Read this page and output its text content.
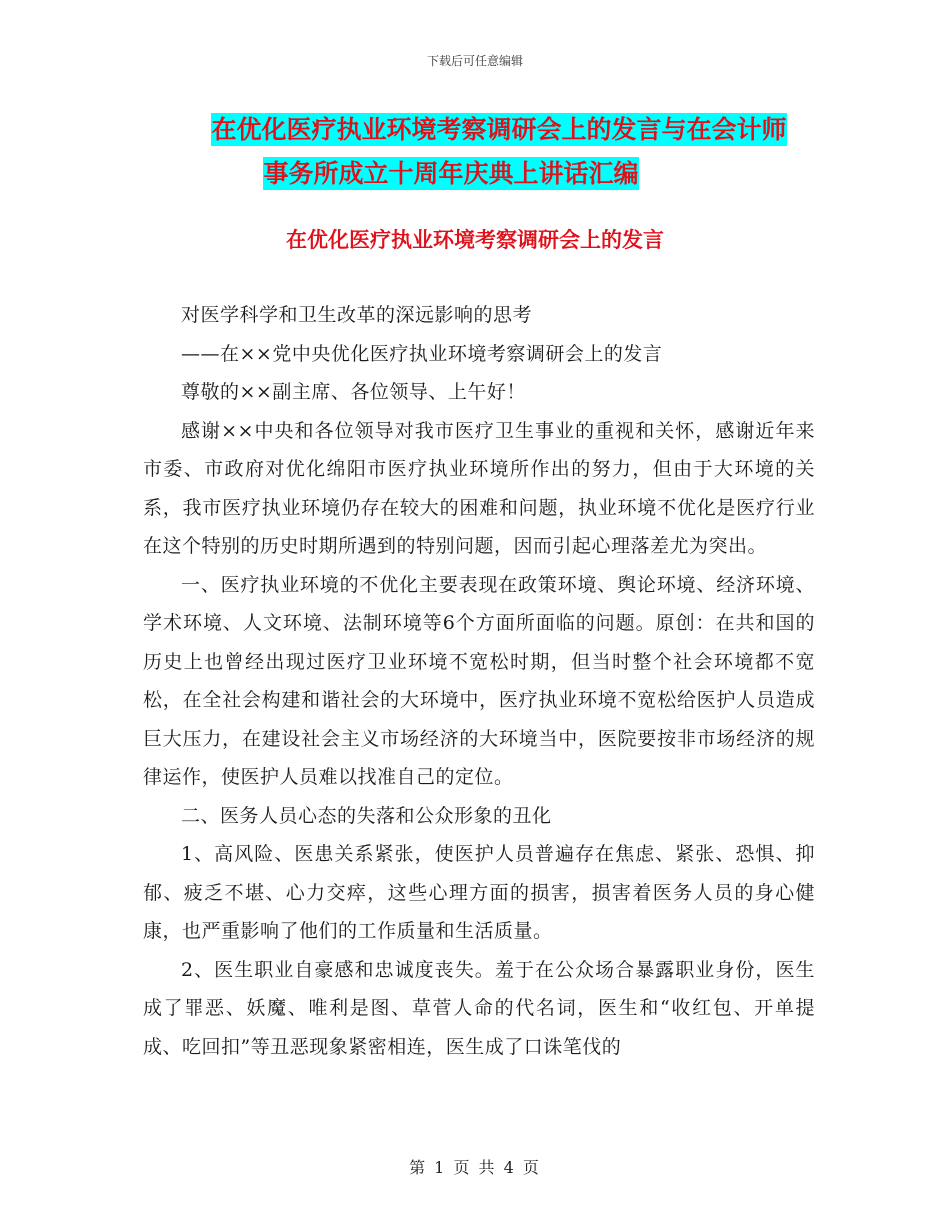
下载后可任意编辑
在优化医疗执业环境考察调研会上的发言与在会计师
事务所成立十周年庆典上讲话汇编
在优化医疗执业环境考察调研会上的发言

对医学科学和卫生改革的深远影响的思考

——在××党中央优化医疗执业环境考察调研会上的发言

尊敬的××副主席、各位领导、上午好！

感谢××中央和各位领导对我市医疗卫生事业的重视和关怀，感谢近年来市委、市政府对优化绵阳市医疗执业环境所作出的努力，但由于大环境的关系，我市医疗执业环境仍存在较大的困难和问题，执业环境不优化是医疗行业在这个特别的历史时期所遇到的特别问题，因而引起心理落差尤为突出。

一、医疗执业环境的不优化主要表现在政策环境、舆论环境、经济环境、学术环境、人文环境、法制环境等6个方面所面临的问题。原创：在共和国的历史上也曾经出现过医疗卫业环境不宽松时期，但当时整个社会环境都不宽松，在全社会构建和谐社会的大环境中，医疗执业环境不宽松给医护人员造成巨大压力，在建设社会主义市场经济的大环境当中，医院要按非市场经济的规律运作，使医护人员难以找准自己的定位。

二、医务人员心态的失落和公众形象的丑化

1、高风险、医患关系紧张，使医护人员普遍存在焦虑、紧张、恐惧、抑郁、疲乏不堪、心力交瘁，这些心理方面的损害，损害着医务人员的身心健康，也严重影响了他们的工作质量和生活质量。

2、医生职业自豪感和忠诚度丧失。羞于在公众场合暴露职业身份，医生成了罪恶、妖魔、唯利是图、草菅人命的代名词，医生和“收红包、开单提成、吃回扣”等丑恶现象紧密相连，医生成了口诛笔伐的

第 1 页 共 4 页
